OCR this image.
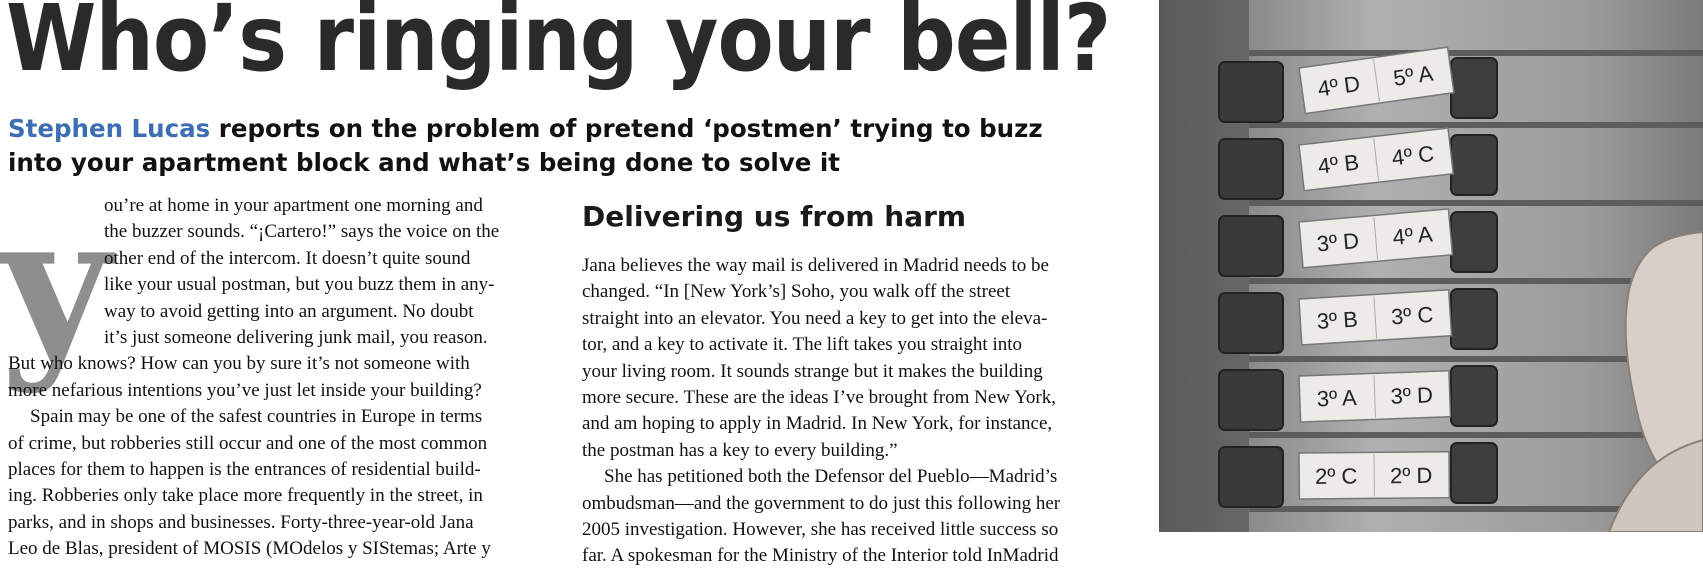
Who’s ringing your bell?
Stephen Lucas reports on the problem of pretend ‘postmen’ trying to buzz
into your apartment block and what’s being done to solve it
y
ou’re at home in your apartment one morning and
the buzzer sounds. “¡Cartero!” says the voice on the
other end of the intercom. It doesn’t quite sound
like your usual postman, but you buzz them in any-
way to avoid getting into an argument. No doubt
it’s just someone delivering junk mail, you reason.
But who knows? How can you by sure it’s not someone with
more nefarious intentions you’ve just let inside your building?
Spain may be one of the safest countries in Europe in terms
of crime, but robberies still occur and one of the most common
places for them to happen is the entrances of residential build-
ing. Robberies only take place more frequently in the street, in
parks, and in shops and businesses. Forty-three-year-old Jana
Leo de Blas, president of MOSIS (MOdelos y SIStemas; Arte y
Delivering us from harm
Jana believes the way mail is delivered in Madrid needs to be
changed. “In [New York’s] Soho, you walk off the street
straight into an elevator. You need a key to get into the eleva-
tor, and a key to activate it. The lift takes you straight into
your living room. It sounds strange but it makes the building
more secure. These are the ideas I’ve brought from New York,
and am hoping to apply in Madrid. In New York, for instance,
the postman has a key to every building.”
She has petitioned both the Defensor del Pueblo—Madrid’s
ombudsman—and the government to do just this following her
2005 investigation. However, she has received little success so
far. A spokesman for the Ministry of the Interior told InMadrid
4º D 5º A
4º B 4º C
3º D 4º A
3º B 3º C
3º A 3º D
2º C 2º D
